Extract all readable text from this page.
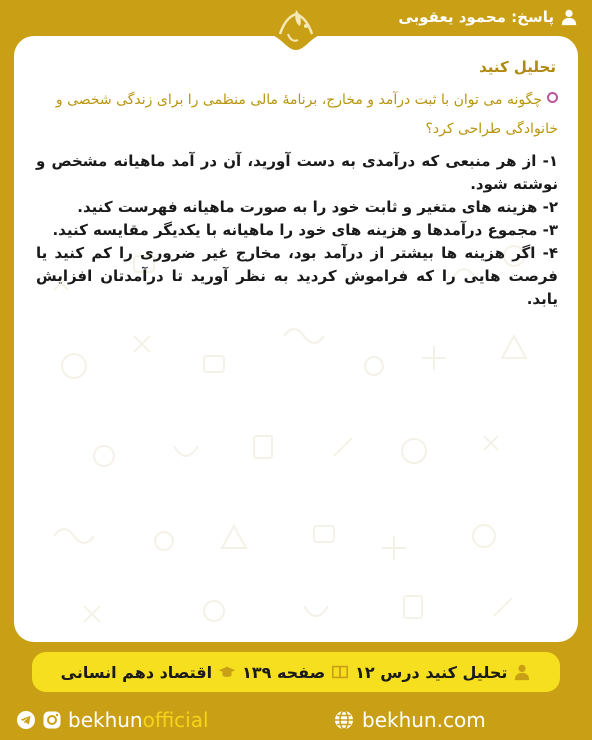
پاسخ: محمود یعقوبی
تحلیل کنید
چگونه می توان با ثبت درآمد و مخارج، برنامۀ مالی منظمی را برای زندگی شخصی و خانوادگی طراحی کرد؟

۱- از هر منبعی که درآمدی به دست آورید، آن در آمد ماهیانه مشخص و نوشته شود.

۲- هزینه های متغیر و ثابت خود را به صورت ماهیانه فهرست کنید.

۳- مجموع درآمدها و هزینه های خود را ماهیانه با یکدیگر مقایسه کنید.

۴- اگر هزینه ها بیشتر از درآمد بود، مخارج غیر ضروری را کم کنید یا فرصت هایی را که فراموش کردید به نظر آورید تا درآمدتان افزایش یابد.

تحلیل کنید درس ۱۲
صفحه ۱۳۹
اقتصاد دهم انسانی
bekhunofficial	bekhun.com
